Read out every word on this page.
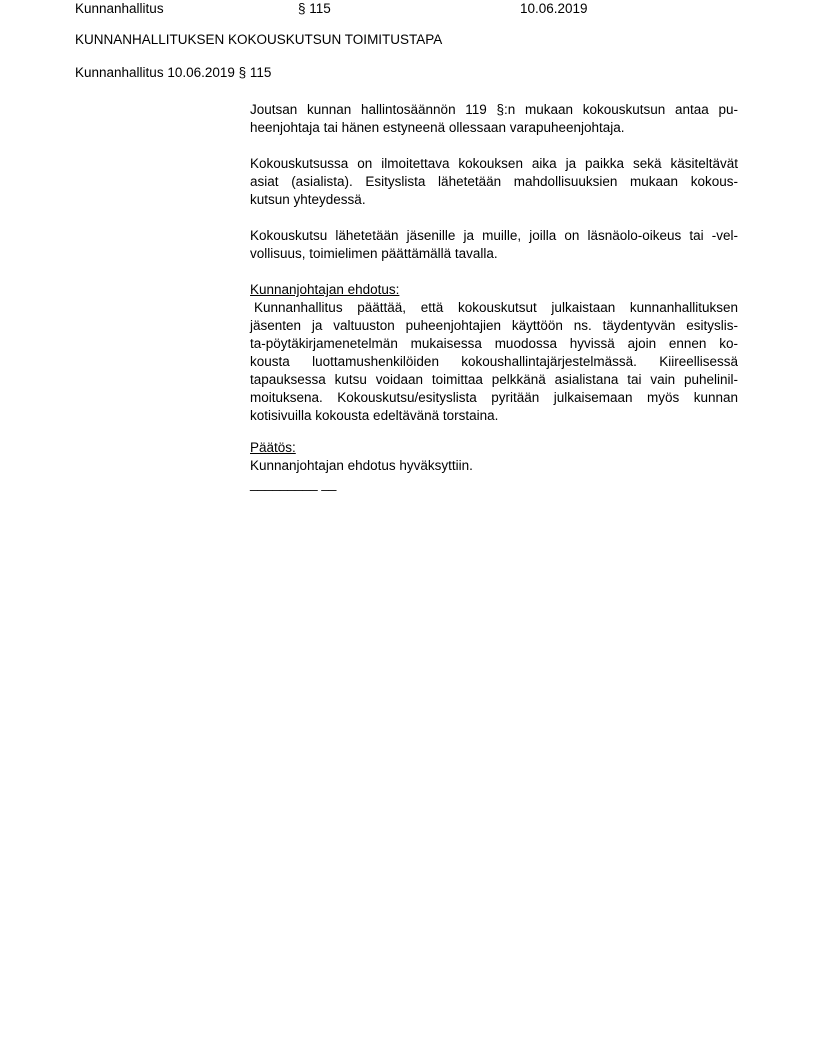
Kunnanhallitus	§ 115	10.06.2019
KUNNANHALLITUKSEN KOKOUSKUTSUN TOIMITUSTAPA
Kunnanhallitus 10.06.2019 § 115
Joutsan kunnan hallintosäännön 119 §:n mukaan kokouskutsun antaa pu-
heenjohtaja tai hänen estyneenä ollessaan varapuheenjohtaja.
Kokouskutsussa on ilmoitettava kokouksen aika ja paikka sekä käsiteltävät
asiat (asialista). Esityslista lähetetään mahdollisuuksien mukaan kokous-
kutsun yhteydessä.
Kokouskutsu lähetetään jäsenille ja muille, joilla on läsnäolo-oikeus tai -vel-
vollisuus, toimielimen päättämällä tavalla.
Kunnanjohtajan ehdotus:
Kunnanhallitus päättää, että kokouskutsut julkaistaan kunnanhallituksen
jäsenten ja valtuuston puheenjohtajien käyttöön ns. täydentyvän esityslis-
ta-pöytäkirjamenetelmän mukaisessa muodossa hyvissä ajoin ennen ko-
kousta luottamushenkilöiden kokoushallintajärjestelmässä. Kiireellisessä
tapauksessa kutsu voidaan toimittaa pelkkänä asialistana tai vain puhelinil-
moituksena. Kokouskutsu/esityslista pyritään julkaisemaan myös kunnan
kotisivuilla kokousta edeltävänä torstaina.
Päätös:
Kunnanjohtajan ehdotus hyväksyttiin.
_________ __
